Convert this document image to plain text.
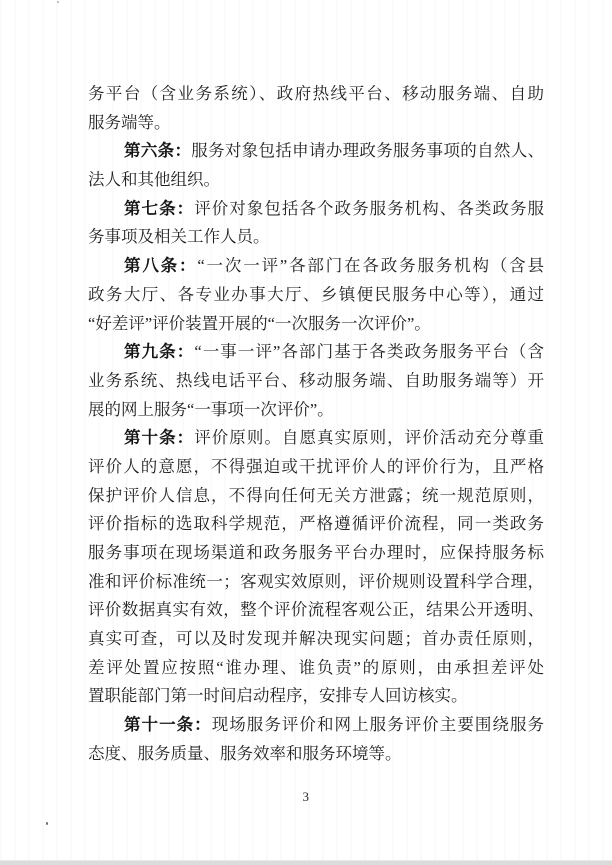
务平台（含业务系统）、政府热线平台、移动服务端、自助
服务端等。
第六条：服务对象包括申请办理政务服务事项的自然人、
法人和其他组织。
第七条：评价对象包括各个政务服务机构、各类政务服
务事项及相关工作人员。
第八条：“一次一评”各部门在各政务服务机构（含县
政务大厅、各专业办事大厅、乡镇便民服务中心等），通过
“好差评”评价装置开展的“一次服务一次评价”。
第九条：“一事一评”各部门基于各类政务服务平台（含
业务系统、热线电话平台、移动服务端、自助服务端等）开
展的网上服务“一事项一次评价”。
第十条：评价原则。自愿真实原则，评价活动充分尊重
评价人的意愿，不得强迫或干扰评价人的评价行为，且严格
保护评价人信息，不得向任何无关方泄露；统一规范原则，
评价指标的选取科学规范，严格遵循评价流程，同一类政务
服务事项在现场渠道和政务服务平台办理时，应保持服务标
准和评价标准统一；客观实效原则，评价规则设置科学合理，
评价数据真实有效，整个评价流程客观公正，结果公开透明、
真实可查，可以及时发现并解决现实问题；首办责任原则，
差评处置应按照“谁办理、谁负责”的原则，由承担差评处
置职能部门第一时间启动程序，安排专人回访核实。
第十一条：现场服务评价和网上服务评价主要围绕服务
态度、服务质量、服务效率和服务环境等。
3
